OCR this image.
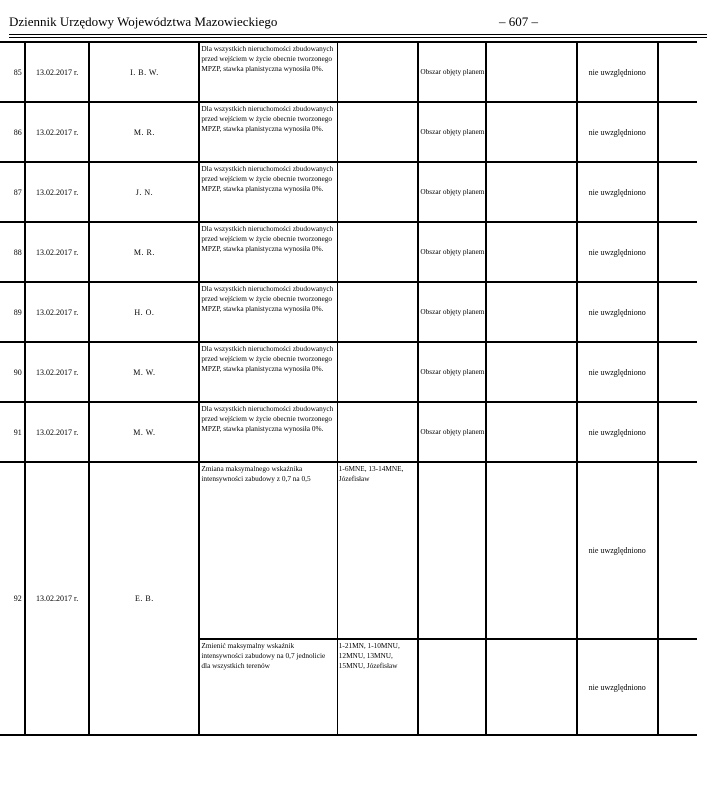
Dziennik Urzędowy Województwa Mazowieckiego	– 607 –
85	13.02.2017 r.	I. B. W.	Dla wszystkich nieruchomości zbudowanych przed wejściem w życie obecnie tworzonego MPZP, stawka planistyczna wynosiła 0%.		Obszar objęty planem		nie uwzględniono	
86	13.02.2017 r.	M. R.	Dla wszystkich nieruchomości zbudowanych przed wejściem w życie obecnie tworzonego MPZP, stawka planistyczna wynosiła 0%.		Obszar objęty planem		nie uwzględniono	
87	13.02.2017 r.	J. N.	Dla wszystkich nieruchomości zbudowanych przed wejściem w życie obecnie tworzonego MPZP, stawka planistyczna wynosiła 0%.		Obszar objęty planem		nie uwzględniono	
88	13.02.2017 r.	M. R.	Dla wszystkich nieruchomości zbudowanych przed wejściem w życie obecnie tworzonego MPZP, stawka planistyczna wynosiła 0%.		Obszar objęty planem		nie uwzględniono	
89	13.02.2017 r.	H. O.	Dla wszystkich nieruchomości zbudowanych przed wejściem w życie obecnie tworzonego MPZP, stawka planistyczna wynosiła 0%.		Obszar objęty planem		nie uwzględniono	
90	13.02.2017 r.	M. W.	Dla wszystkich nieruchomości zbudowanych przed wejściem w życie obecnie tworzonego MPZP, stawka planistyczna wynosiła 0%.		Obszar objęty planem		nie uwzględniono	
91	13.02.2017 r.	M. W.	Dla wszystkich nieruchomości zbudowanych przed wejściem w życie obecnie tworzonego MPZP, stawka planistyczna wynosiła 0%.		Obszar objęty planem		nie uwzględniono	
92	13.02.2017 r.	E. B.	Zmiana maksymalnego wskaźnika intensywności zabudowy z 0,7 na 0,5	1-6MNE, 13-14MNE, Józefisław			nie uwzględniono	
			Zmienić maksymalny wskaźnik intensywności zabudowy na 0,7 jednolicie dla wszystkich terenów	1-21MN, 1-10MNU, 12MNU, 13MNU, 15MNU, Józefisław			nie uwzględniono	
